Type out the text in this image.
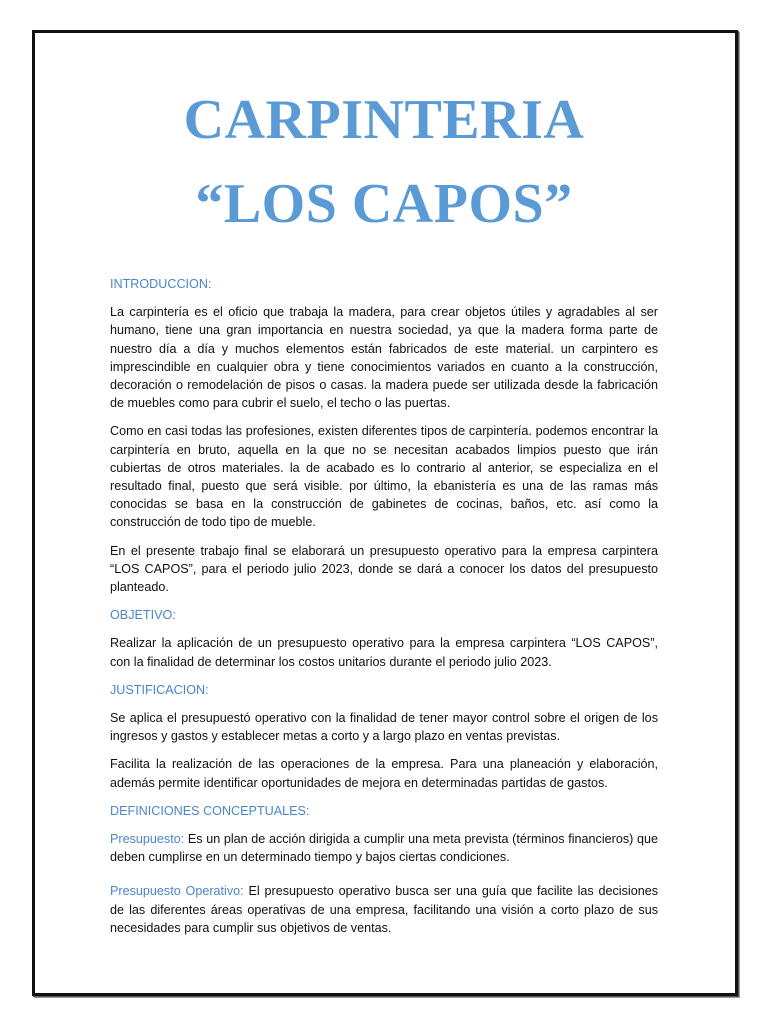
CARPINTERIA
“LOS CAPOS”
INTRODUCCION:

La carpintería es el oficio que trabaja la madera, para crear objetos útiles y agradables al ser humano, tiene una gran importancia en nuestra sociedad, ya que la madera forma parte de nuestro día a día y muchos elementos están fabricados de este material. un carpintero es imprescindible en cualquier obra y tiene conocimientos variados en cuanto a la construcción, decoración o remodelación de pisos o casas. la madera puede ser utilizada desde la fabricación de muebles como para cubrir el suelo, el techo o las puertas.

Como en casi todas las profesiones, existen diferentes tipos de carpintería. podemos encontrar la carpintería en bruto, aquella en la que no se necesitan acabados limpios puesto que irán cubiertas de otros materiales. la de acabado es lo contrario al anterior, se especializa en el resultado final, puesto que será visible. por último, la ebanistería es una de las ramas más conocidas se basa en la construcción de gabinetes de cocinas, baños, etc. así como la construcción de todo tipo de mueble.

En el presente trabajo final se elaborará un presupuesto operativo para la empresa carpintera “LOS CAPOS”, para el periodo julio 2023, donde se dará a conocer los datos del presupuesto planteado.

OBJETIVO:

Realizar la aplicación de un presupuesto operativo para la empresa carpintera “LOS CAPOS”, con la finalidad de determinar los costos unitarios durante el periodo julio 2023.

JUSTIFICACION:

Se aplica el presupuestó operativo con la finalidad de tener mayor control sobre el origen de los ingresos y gastos y establecer metas a corto y a largo plazo en ventas previstas.

Facilita la realización de las operaciones de la empresa. Para una planeación y elaboración, además permite identificar oportunidades de mejora en determinadas partidas de gastos.

DEFINICIONES CONCEPTUALES:

Presupuesto: Es un plan de acción dirigida a cumplir una meta prevista (términos financieros) que deben cumplirse en un determinado tiempo y bajos ciertas condiciones.

Presupuesto Operativo: El presupuesto operativo busca ser una guía que facilite las decisiones de las diferentes áreas operativas de una empresa, facilitando una visión a corto plazo de sus necesidades para cumplir sus objetivos de ventas.
